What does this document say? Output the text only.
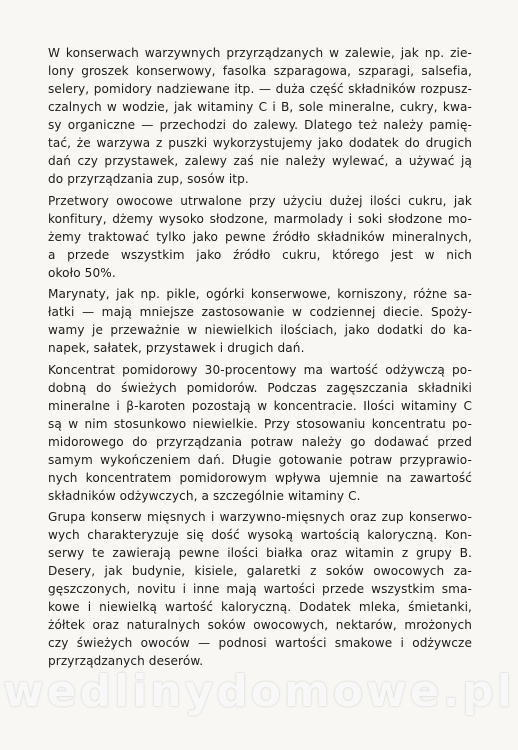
W konserwach warzywnych przyrządzanych w zalewie, jak np. zie-
lony groszek konserwowy, fasolka szparagowa, szparagi, salsefia,
selery, pomidory nadziewane itp. — duża część składników rozpusz-
czalnych w wodzie, jak witaminy C i B, sole mineralne, cukry, kwa-
sy organiczne — przechodzi do zalewy. Dlatego też należy pamię-
tać, że warzywa z puszki wykorzystujemy jako dodatek do drugich
dań czy przystawek, zalewy zaś nie należy wylewać, a używać ją
do przyrządzania zup, sosów itp.

Przetwory owocowe utrwalone przy użyciu dużej ilości cukru, jak
konfitury, dżemy wysoko słodzone, marmolady i soki słodzone mo-
żemy traktować tylko jako pewne źródło składników mineralnych,
a przede wszystkim jako źródło cukru, którego jest w nich
około 50%.

Marynaty, jak np. pikle, ogórki konserwowe, korniszony, różne sa-
łatki — mają mniejsze zastosowanie w codziennej diecie. Spoży-
wamy je przeważnie w niewielkich ilościach, jako dodatki do ka-
napek, sałatek, przystawek i drugich dań.

Koncentrat pomidorowy 30-procentowy ma wartość odżywczą po-
dobną do świeżych pomidorów. Podczas zagęszczania składniki
mineralne i β-karoten pozostają w koncentracie. Ilości witaminy C
są w nim stosunkowo niewielkie. Przy stosowaniu koncentratu po-
midorowego do przyrządzania potraw należy go dodawać przed
samym wykończeniem dań. Długie gotowanie potraw przyprawio-
nych koncentratem pomidorowym wpływa ujemnie na zawartość
składników odżywczych, a szczególnie witaminy C.

Grupa konserw mięsnych i warzywno-mięsnych oraz zup konserwo-
wych charakteryzuje się dość wysoką wartością kaloryczną. Kon-
serwy te zawierają pewne ilości białka oraz witamin z grupy B.
Desery, jak budynie, kisiele, galaretki z soków owocowych za-
gęszczonych, novitu i inne mają wartości przede wszystkim sma-
kowe i niewielką wartość kaloryczną. Dodatek mleka, śmietanki,
żółtek oraz naturalnych soków owocowych, nektarów, mrożonych
czy świeżych owoców — podnosi wartości smakowe i odżywcze
przyrządzanych deserów.

wedlinydomowe.pl
